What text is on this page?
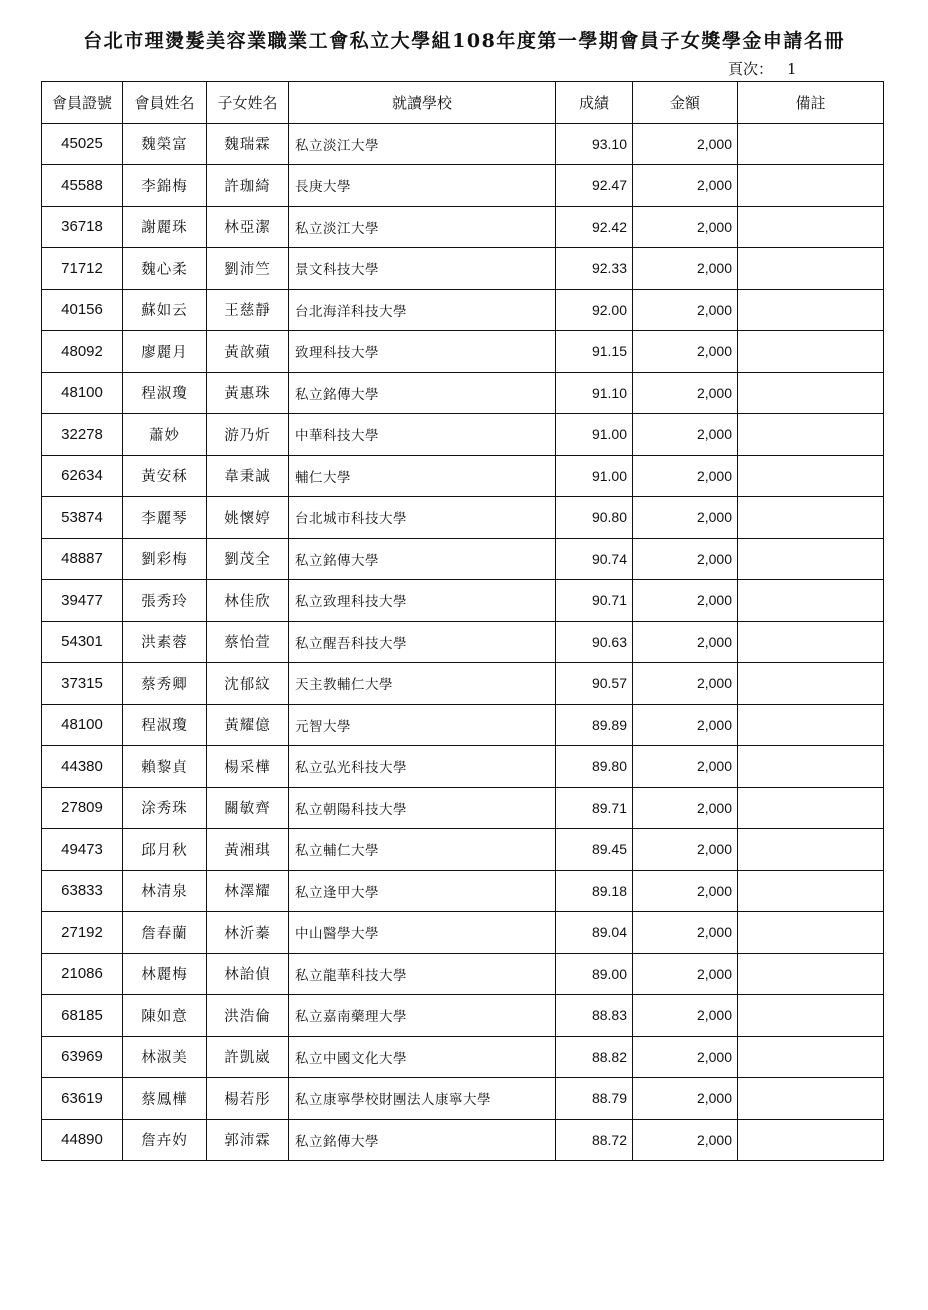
台北市理燙髮美容業職業工會私立大學組108年度第一學期會員子女獎學金申請名冊
頁次： 1
會員證號	會員姓名	子女姓名	就讀學校	成績	金額	備註
45025	魏榮富	魏瑞霖	私立淡江大學	93.10	2,000	
45588	李錦梅	許珈綺	長庚大學	92.47	2,000	
36718	謝麗珠	林亞潔	私立淡江大學	92.42	2,000	
71712	魏心柔	劉沛竺	景文科技大學	92.33	2,000	
40156	蘇如云	王慈靜	台北海洋科技大學	92.00	2,000	
48092	廖麗月	黃歆蘋	致理科技大學	91.15	2,000	
48100	程淑瓊	黃惠珠	私立銘傳大學	91.10	2,000	
32278	蕭妙	游乃炘	中華科技大學	91.00	2,000	
62634	黃安秝	韋秉誠	輔仁大學	91.00	2,000	
53874	李麗琴	姚懷婷	台北城市科技大學	90.80	2,000	
48887	劉彩梅	劉茂全	私立銘傳大學	90.74	2,000	
39477	張秀玲	林佳欣	私立致理科技大學	90.71	2,000	
54301	洪素蓉	蔡怡萱	私立醒吾科技大學	90.63	2,000	
37315	蔡秀卿	沈郁紋	天主教輔仁大學	90.57	2,000	
48100	程淑瓊	黃耀億	元智大學	89.89	2,000	
44380	賴黎貞	楊采樺	私立弘光科技大學	89.80	2,000	
27809	涂秀珠	關敏齊	私立朝陽科技大學	89.71	2,000	
49473	邱月秋	黃湘琪	私立輔仁大學	89.45	2,000	
63833	林清泉	林澤耀	私立逢甲大學	89.18	2,000	
27192	詹春蘭	林沂蓁	中山醫學大學	89.04	2,000	
21086	林麗梅	林詒偵	私立龍華科技大學	89.00	2,000	
68185	陳如意	洪浩倫	私立嘉南藥理大學	88.83	2,000	
63969	林淑美	許凱崴	私立中國文化大學	88.82	2,000	
63619	蔡鳳樺	楊若彤	私立康寧學校財團法人康寧大學	88.79	2,000	
44890	詹卉妁	郭沛霖	私立銘傳大學	88.72	2,000	
